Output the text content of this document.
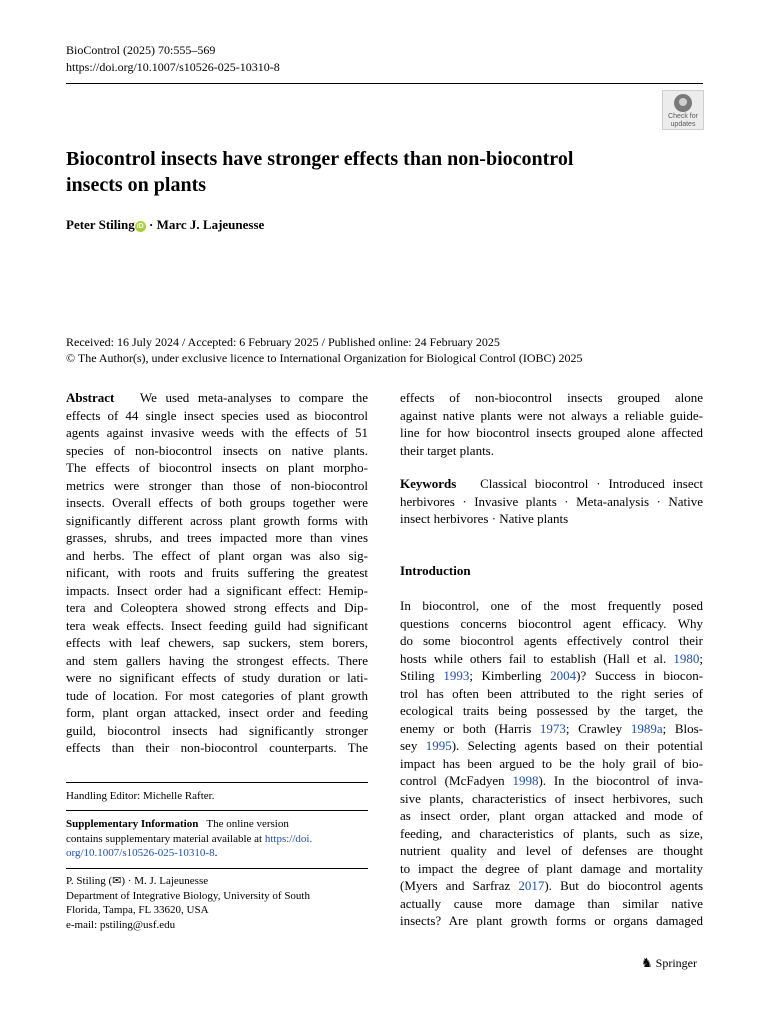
BioControl (2025) 70:555–569
https://doi.org/10.1007/s10526-025-10310-8
Check for
updates
Biocontrol insects have stronger effects than non-biocontrol
insects on plants
Peter Stiling iD · Marc J. Lajeunesse
Received: 16 July 2024 / Accepted: 6 February 2025 / Published online: 24 February 2025
© The Author(s), under exclusive licence to International Organization for Biological Control (IOBC) 2025
Abstract We used meta-analyses to compare the
effects of 44 single insect species used as biocontrol
agents against invasive weeds with the effects of 51
species of non-biocontrol insects on native plants.
The effects of biocontrol insects on plant morpho-
metrics were stronger than those of non-biocontrol
insects. Overall effects of both groups together were
significantly different across plant growth forms with
grasses, shrubs, and trees impacted more than vines
and herbs. The effect of plant organ was also sig-
nificant, with roots and fruits suffering the greatest
impacts. Insect order had a significant effect: Hemip-
tera and Coleoptera showed strong effects and Dip-
tera weak effects. Insect feeding guild had significant
effects with leaf chewers, sap suckers, stem borers,
and stem gallers having the strongest effects. There
were no significant effects of study duration or lati-
tude of location. For most categories of plant growth
form, plant organ attacked, insect order and feeding
guild, biocontrol insects had significantly stronger
effects than their non-biocontrol counterparts. The
Handling Editor: Michelle Rafter.
Supplementary Information The online version
contains supplementary material available at https://doi.
org/10.1007/s10526-025-10310-8.
P. Stiling (✉) · M. J. Lajeunesse
Department of Integrative Biology, University of South
Florida, Tampa, FL 33620, USA
e-mail: pstiling@usf.edu
effects of non-biocontrol insects grouped alone
against native plants were not always a reliable guide-
line for how biocontrol insects grouped alone affected
their target plants.
Keywords Classical biocontrol · Introduced insect
herbivores · Invasive plants · Meta-analysis · Native
insect herbivores · Native plants
Introduction
In biocontrol, one of the most frequently posed
questions concerns biocontrol agent efficacy. Why
do some biocontrol agents effectively control their
hosts while others fail to establish (Hall et al. 1980;
Stiling 1993; Kimberling 2004)? Success in biocon-
trol has often been attributed to the right series of
ecological traits being possessed by the target, the
enemy or both (Harris 1973; Crawley 1989a; Blos-
sey 1995). Selecting agents based on their potential
impact has been argued to be the holy grail of bio-
control (McFadyen 1998). In the biocontrol of inva-
sive plants, characteristics of insect herbivores, such
as insect order, plant organ attacked and mode of
feeding, and characteristics of plants, such as size,
nutrient quality and level of defenses are thought
to impact the degree of plant damage and mortality
(Myers and Sarfraz 2017). But do biocontrol agents
actually cause more damage than similar native
insects? Are plant growth forms or organs damaged
♞ Springer
